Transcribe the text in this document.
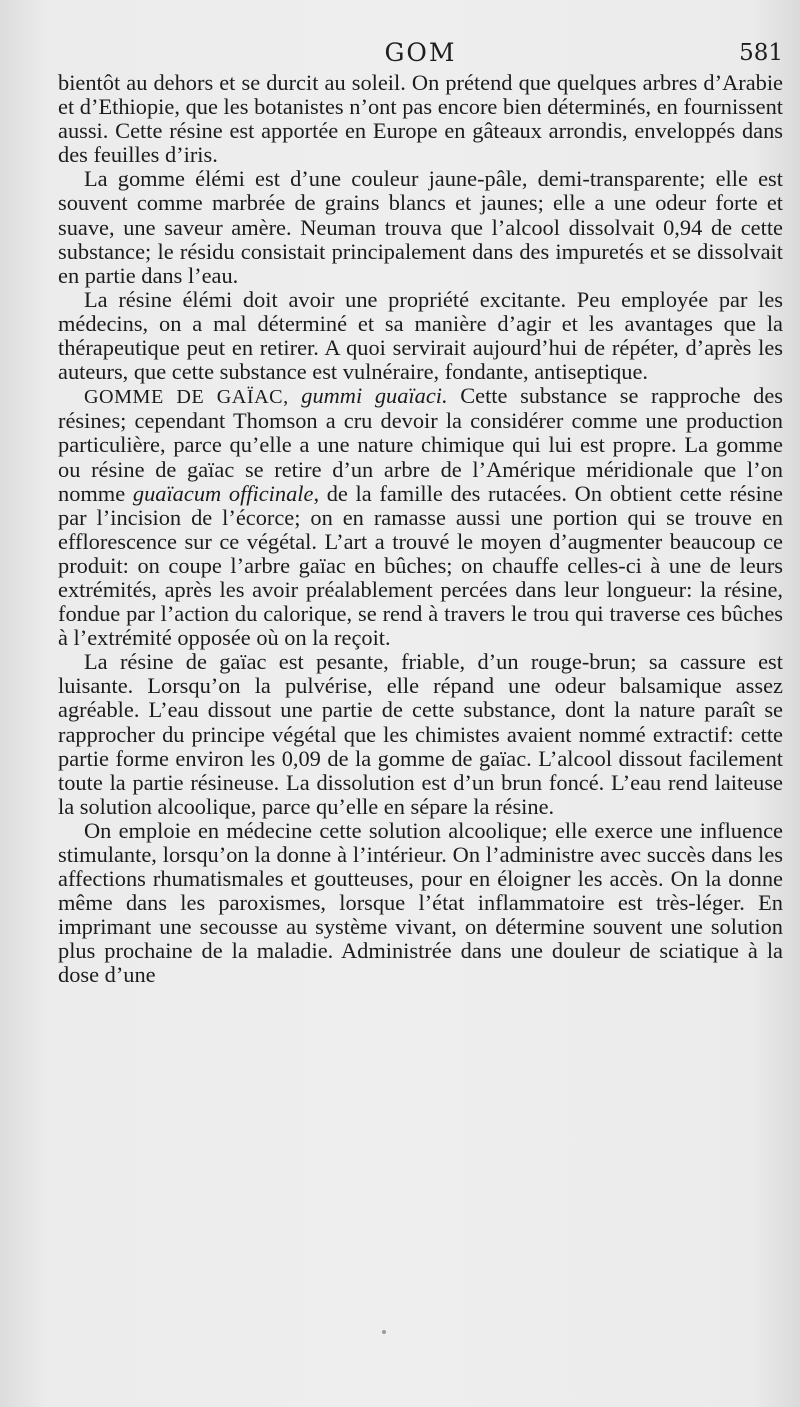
GOM	581

bientôt au dehors et se durcit au soleil. On prétend que quelques arbres d’Arabie et d’Ethiopie, que les botanistes n’ont pas encore bien déterminés, en fournissent aussi. Cette résine est apportée en Europe en gâteaux arrondis, enveloppés dans des feuilles d’iris.

La gomme élémi est d’une couleur jaune-pâle, demi-transparente; elle est souvent comme marbrée de grains blancs et jaunes; elle a une odeur forte et suave, une saveur amère. Neuman trouva que l’alcool dissolvait 0,94 de cette substance; le résidu consistait principalement dans des impuretés et se dissolvait en partie dans l’eau.

La résine élémi doit avoir une propriété excitante. Peu employée par les médecins, on a mal déterminé et sa manière d’agir et les avantages que la thérapeutique peut en retirer. A quoi servirait aujourd’hui de répéter, d’après les auteurs, que cette substance est vulnéraire, fondante, antiseptique.

GOMME DE GAÏAC, gummi guaïaci. Cette substance se rapproche des résines; cependant Thomson a cru devoir la considérer comme une production particulière, parce qu’elle a une nature chimique qui lui est propre. La gomme ou résine de gaïac se retire d’un arbre de l’Amérique méridionale que l’on nomme guaïacum officinale, de la famille des rutacées. On obtient cette résine par l’incision de l’écorce; on en ramasse aussi une portion qui se trouve en efflorescence sur ce végétal. L’art a trouvé le moyen d’augmenter beaucoup ce produit: on coupe l’arbre gaïac en bûches; on chauffe celles-ci à une de leurs extrémités, après les avoir préalablement percées dans leur longueur: la résine, fondue par l’action du calorique, se rend à travers le trou qui traverse ces bûches à l’extrémité opposée où on la reçoit.

La résine de gaïac est pesante, friable, d’un rouge-brun; sa cassure est luisante. Lorsqu’on la pulvérise, elle répand une odeur balsamique assez agréable. L’eau dissout une partie de cette substance, dont la nature paraît se rapprocher du principe végétal que les chimistes avaient nommé extractif: cette partie forme environ les 0,09 de la gomme de gaïac. L’alcool dissout facilement toute la partie résineuse. La dissolution est d’un brun foncé. L’eau rend laiteuse la solution alcoolique, parce qu’elle en sépare la résine.

On emploie en médecine cette solution alcoolique; elle exerce une influence stimulante, lorsqu’on la donne à l’intérieur. On l’administre avec succès dans les affections rhumatismales et goutteuses, pour en éloigner les accès. On la donne même dans les paroxismes, lorsque l’état inflammatoire est très-léger. En imprimant une secousse au système vivant, on détermine souvent une solution plus prochaine de la maladie. Administrée dans une douleur de sciatique à la dose d’une
